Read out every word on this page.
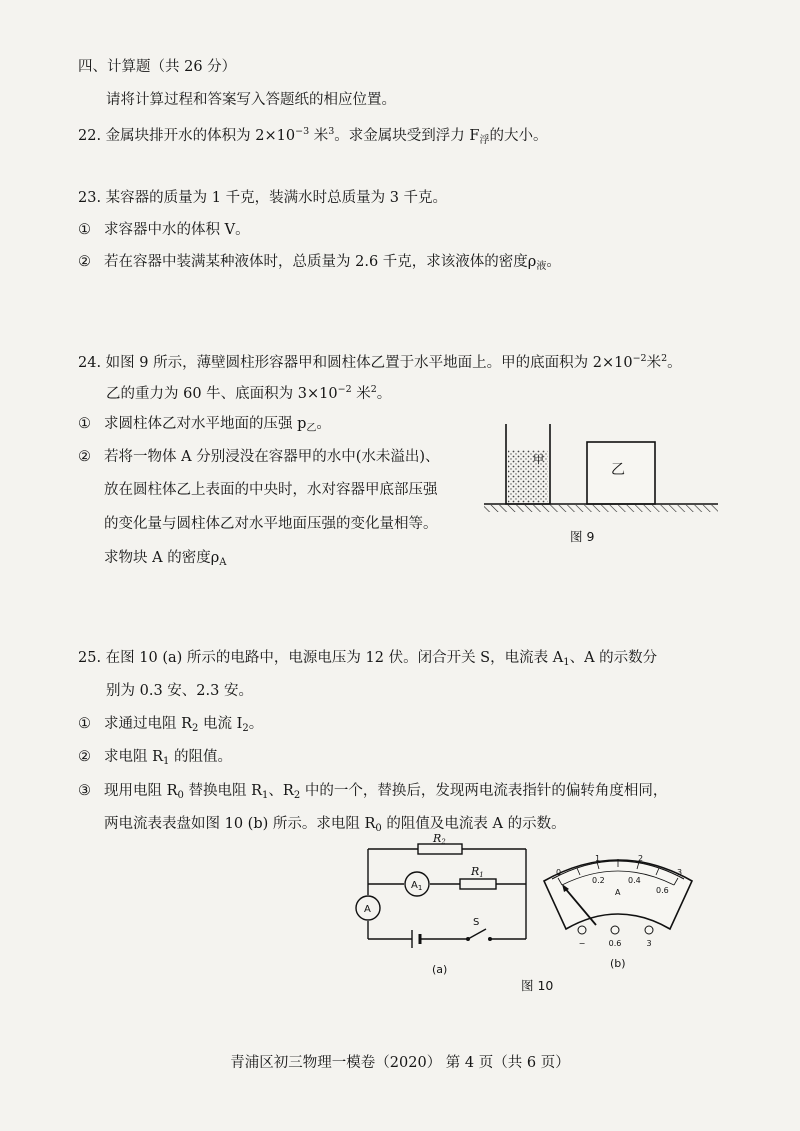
四、计算题（共 26 分）
请将计算过程和答案写入答题纸的相应位置。
22. 金属块排开水的体积为 $2\times 10^{-3}$ 米$^3$。求金属块受到浮力 $F_浮$的大小。
23. 某容器的质量为 1 千克，装满水时总质量为 3 千克。
① 求容器中水的体积 V。
② 若在容器中装满某种液体时，总质量为 2.6 千克，求该液体的密度$\rho_液$。
24. 如图 9 所示，薄壁圆柱形容器甲和圆柱体乙置于水平地面上。甲的底面积为 $2\times 10^{-2}$米$^2$。
乙的重力为 60 牛、底面积为 $3\times 10^{-2}$ 米$^2$。
① 求圆柱体乙对水平地面的压强 $p_乙$。
② 若将一物体 A 分别浸没在容器甲的水中(水未溢出)、
放在圆柱体乙上表面的中央时，水对容器甲底部压强
的变化量与圆柱体乙对水平地面压强的变化量相等。
求物块 A 的密度$\rho_A$
甲
乙
图 9
25. 在图 10 (a) 所示的电路中，电源电压为 12 伏。闭合开关 S，电流表 $A_1$、A 的示数分
别为 0.3 安、2.3 安。
① 求通过电阻 $R_2$ 电流 $I_2$。
② 求电阻 $R_1$ 的阻值。
③ 现用电阻 $R_0$ 替换电阻 $R_1$、$R_2$ 中的一个，替换后，发现两电流表指针的偏转角度相同，
两电流表表盘如图 10 (b) 所示。求电阻 $R_0$ 的阻值及电流表 A 的示数。
R2
R1
$A_1$
A
S
(a)
0
1	2
3
0.2	0.4
0.6
A
−	0.6	3
(b)
图 10
青浦区初三物理一模卷（2020） 第 4 页（共 6 页）
